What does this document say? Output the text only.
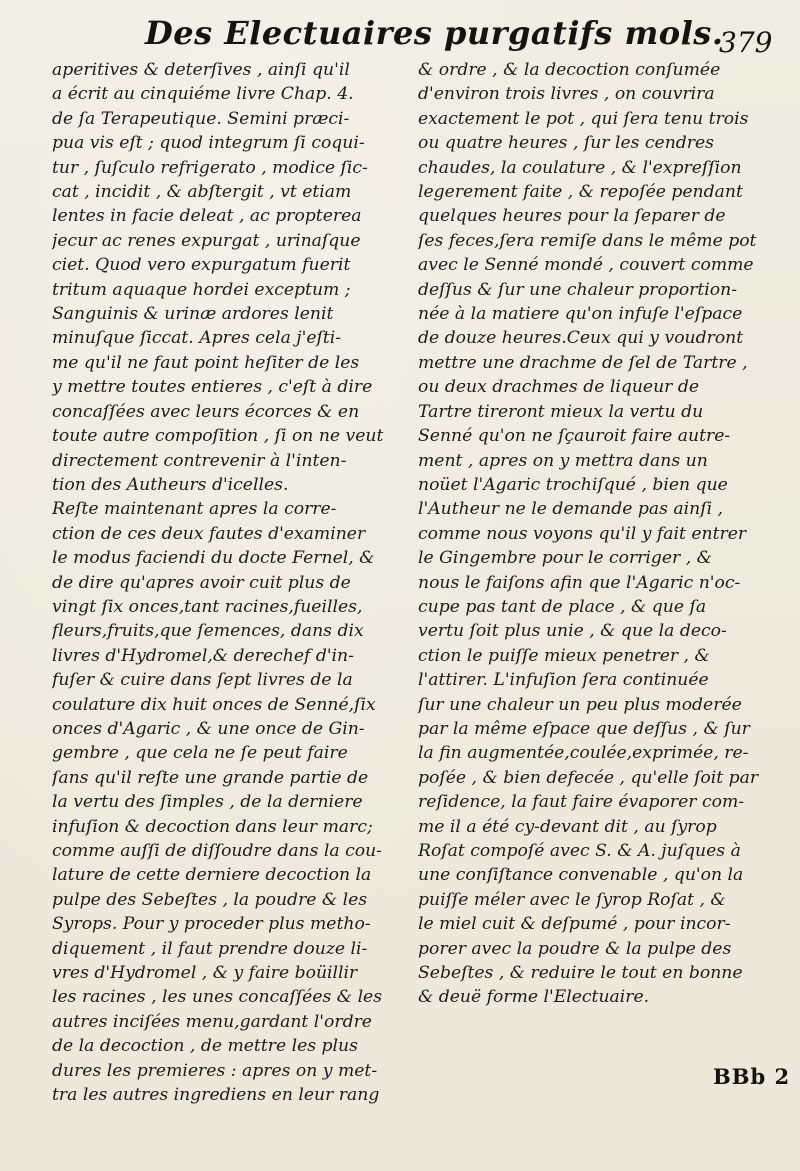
Des Electuaires purgatifs mols.
379
aperitives & deterſives , ainſi qu'il
a écrit au cinquiéme livre Chap. 4.
de ſa Terapeutique. Semini præci-
pua vis eſt ; quod integrum ſi coqui-
tur , ſuſculo refrigerato , modice ſic-
cat , incidit , & abſtergit , vt etiam
lentes in facie deleat , ac propterea
jecur ac renes expurgat , urinaſque
ciet. Quod vero expurgatum fuerit
tritum aquaque hordei exceptum ;
Sanguinis & urinæ ardores lenit
minuſque ſiccat. Apres cela j'eſti-
me qu'il ne faut point heſiter de les
y mettre toutes entieres , c'eſt à dire
concaſſées avec leurs écorces & en
toute autre compoſition , ſi on ne veut
directement contrevenir à l'inten-
tion des Autheurs d'icelles.
Reſte maintenant apres la corre-
ction de ces deux fautes d'examiner
le modus faciendi du docte Fernel, &
de dire qu'apres avoir cuit plus de
vingt ſix onces,tant racines,fueilles,
fleurs,fruits,que ſemences, dans dix
livres d'Hydromel,& derechef d'in-
fuſer & cuire dans ſept livres de la
coulature dix huit onces de Senné,ſix
onces d'Agaric , & une once de Gin-
gembre , que cela ne ſe peut faire
ſans qu'il reſte une grande partie de
la vertu des ſimples , de la derniere
infuſion & decoction dans leur marc;
comme auſſi de diſſoudre dans la cou-
lature de cette derniere decoction la
pulpe des Sebeſtes , la poudre & les
Syrops. Pour y proceder plus metho-
diquement , il faut prendre douze li-
vres d'Hydromel , & y faire boüillir
les racines , les unes concaſſées & les
autres inciſées menu,gardant l'ordre
de la decoction , de mettre les plus
dures les premieres : apres on y met-
tra les autres ingrediens en leur rang
& ordre , & la decoction conſumée
d'environ trois livres , on couvrira
exactement le pot , qui ſera tenu trois
ou quatre heures , ſur les cendres
chaudes, la coulature , & l'expreſſion
legerement faite , & repoſée pendant
quelques heures pour la ſeparer de
ſes feces,ſera remiſe dans le même pot
avec le Senné mondé , couvert comme
deſſus & ſur une chaleur proportion-
née à la matiere qu'on infuſe l'eſpace
de douze heures.Ceux qui y voudront
mettre une drachme de ſel de Tartre ,
ou deux drachmes de liqueur de
Tartre tireront mieux la vertu du
Senné qu'on ne ſçauroit faire autre-
ment , apres on y mettra dans un
noüet l'Agaric trochiſqué , bien que
l'Autheur ne le demande pas ainſi ,
comme nous voyons qu'il y fait entrer
le Gingembre pour le corriger , &
nous le faiſons afin que l'Agaric n'oc-
cupe pas tant de place , & que ſa
vertu ſoit plus unie , & que la deco-
ction le puiſſe mieux penetrer , &
l'attirer. L'infuſion ſera continuée
ſur une chaleur un peu plus moderée
par la même eſpace que deſſus , & ſur
la fin augmentée,coulée,exprimée, re-
poſée , & bien defecée , qu'elle ſoit par
reſidence, la faut faire évaporer com-
me il a été cy-devant dit , au ſyrop
Roſat compoſé avec S. & A. juſques à
une conſiſtance convenable , qu'on la
puiſſe méler avec le ſyrop Roſat , &
le miel cuit & deſpumé , pour incor-
porer avec la poudre & la pulpe des
Sebeſtes , & reduire le tout en bonne
& deuë forme l'Electuaire.
BBb 2
